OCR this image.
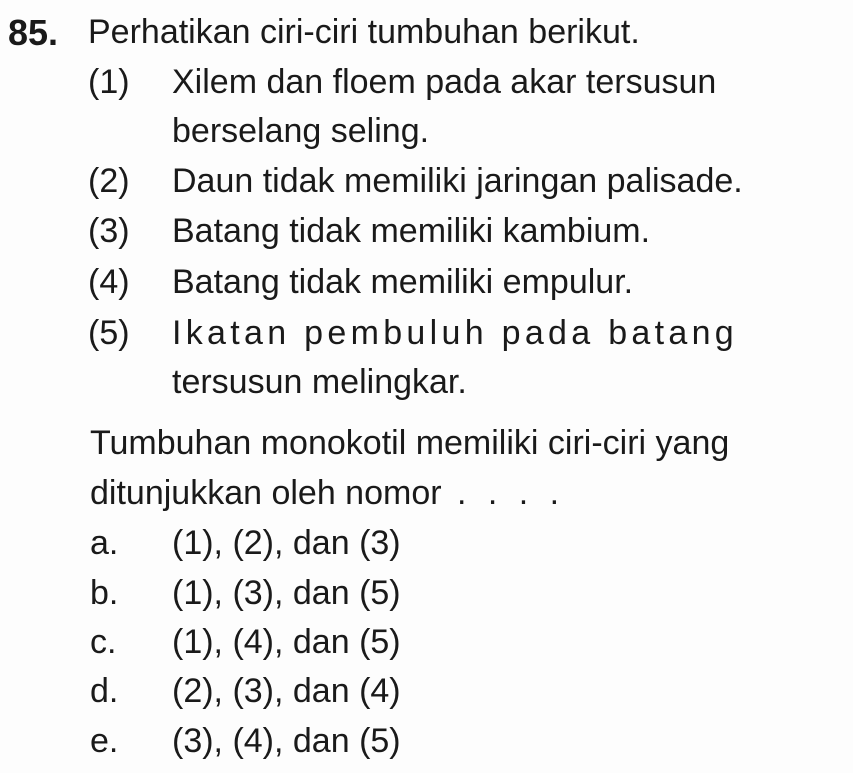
85. Perhatikan ciri-ciri tumbuhan berikut.
(1) Xilem dan floem pada akar tersusun
berselang seling.
(2) Daun tidak memiliki jaringan palisade.
(3) Batang tidak memiliki kambium.
(4) Batang tidak memiliki empulur.
(5) Ikatan pembuluh pada batang
tersusun melingkar.
Tumbuhan monokotil memiliki ciri-ciri yang
ditunjukkan oleh nomor . . . .
a. (1), (2), dan (3)
b. (1), (3), dan (5)
c. (1), (4), dan (5)
d. (2), (3), dan (4)
e. (3), (4), dan (5)
